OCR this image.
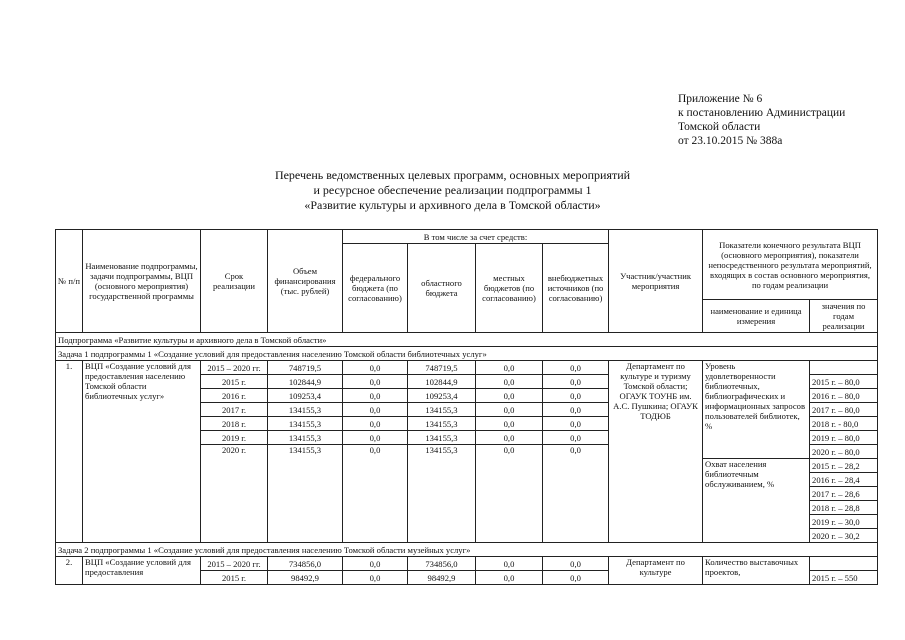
Приложение № 6
к постановлению Администрации
Томской области
от 23.10.2015 № 388а
Перечень ведомственных целевых программ, основных мероприятий
и ресурсное обеспечение реализации подпрограммы 1
«Развитие культуры и архивного дела в Томской области»
№ п/п	Наименование подпрограммы, задачи подпрограммы, ВЦП (основного мероприятия) государственной программы	Срок реализации	Объем финансирования (тыс. рублей)	В том числе за счет средств:				Участник/участник мероприятия	Показатели конечного результата ВЦП (основного мероприятия), показатели непосредственного результата мероприятий, входящих в состав основного мероприятия, по годам реализации	
				федерального бюджета (по согласованию)	областного бюджета	местных бюджетов (по согласованию)	внебюджетных источников (по согласованию)			
									наименование и единица измерения	значения по годам реализации
Подпрограмма «Развитие культуры и архивного дела в Томской области»										
Задача 1 подпрограммы 1 «Создание условий для предоставления населению Томской области библиотечных услуг»										
1.	ВЦП «Создание условий для предоставления населению Томской области библиотечных услуг»	2015 – 2020 гг.	748719,5	0,0	748719,5	0,0	0,0	Департамент по культуре и туризму Томской области; ОГАУК ТОУНБ им. А.С. Пушкина; ОГАУК ТОДЮБ	Уровень удовлетворенности библиотечных, библиографических и информационных запросов пользователей библиотек, %	
		2015 г.	102844,9	0,0	102844,9	0,0	0,0			2015 г. – 80,0
		2016 г.	109253,4	0,0	109253,4	0,0	0,0			2016 г. – 80,0
		2017 г.	134155,3	0,0	134155,3	0,0	0,0			2017 г. – 80,0
		2018 г.	134155,3	0,0	134155,3	0,0	0,0			2018 г. - 80,0
		2019 г.	134155,3	0,0	134155,3	0,0	0,0			2019 г. – 80,0
		2020 г.	134155,3	0,0	134155,3	0,0	0,0			2020 г. – 80,0
									Охват населения библиотечным обслуживанием, %	2015 г. – 28,2
										2016 г. – 28,4
										2017 г. – 28,6
										2018 г. – 28,8
										2019 г. – 30,0
										2020 г. – 30,2
Задача 2 подпрограммы 1 «Создание условий для предоставления населению Томской области музейных услуг»										
2.	ВЦП «Создание условий для предоставления	2015 – 2020 гг.	734856,0	0,0	734856,0	0,0	0,0	Департамент по культуре	Количество выставочных проектов,	
		2015 г.	98492,9	0,0	98492,9	0,0	0,0			2015 г. – 550
